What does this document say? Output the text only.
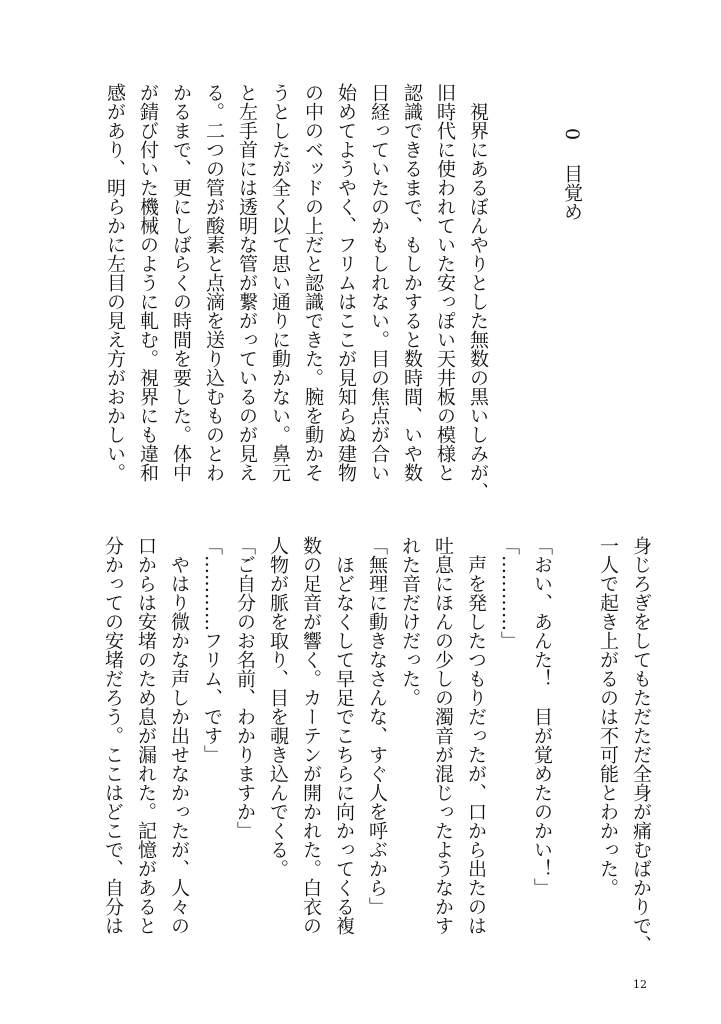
0
目覚め
　視界にあるぼんやりとした無数の黒いしみが、
旧時代に使われていた安っぽい天井板の模様と
認識できるまで、もしかすると数時間、いや数
日経っていたのかもしれない。目の焦点が合い
始めてようやく、フリムはここが見知らぬ建物
の中のベッドの上だと認識できた。腕を動かそ
うとしたが全く以て思い通りに動かない。鼻元
と左手首には透明な管が繋がっているのが見え
る。二つの管が酸素と点滴を送り込むものとわ
かるまで、更にしばらくの時間を要した。体中
が錆び付いた機械のように軋む。視界にも違和
感があり、明らかに左目の見え方がおかしい。
身じろぎをしてもただただ全身が痛むばかりで、
一人で起き上がるのは不可能とわかった。
「おい、あんた！　目が覚めたのかい！」
「…………」
　声を発したつもりだったが、口から出たのは
吐息にほんの少しの濁音が混じったようなかす
れた音だけだった。
「無理に動きなさんな、すぐ人を呼ぶから」
　ほどなくして早足でこちらに向かってくる複
数の足音が響く。カーテンが開かれた。白衣の
人物が脈を取り、目を覗き込んでくる。
「ご自分のお名前、わかりますか」
「…………フリム、です」
　やはり微かな声しか出せなかったが、人々の
口からは安堵のため息が漏れた。記憶があると
分かっての安堵だろう。ここはどこで、自分は
12
